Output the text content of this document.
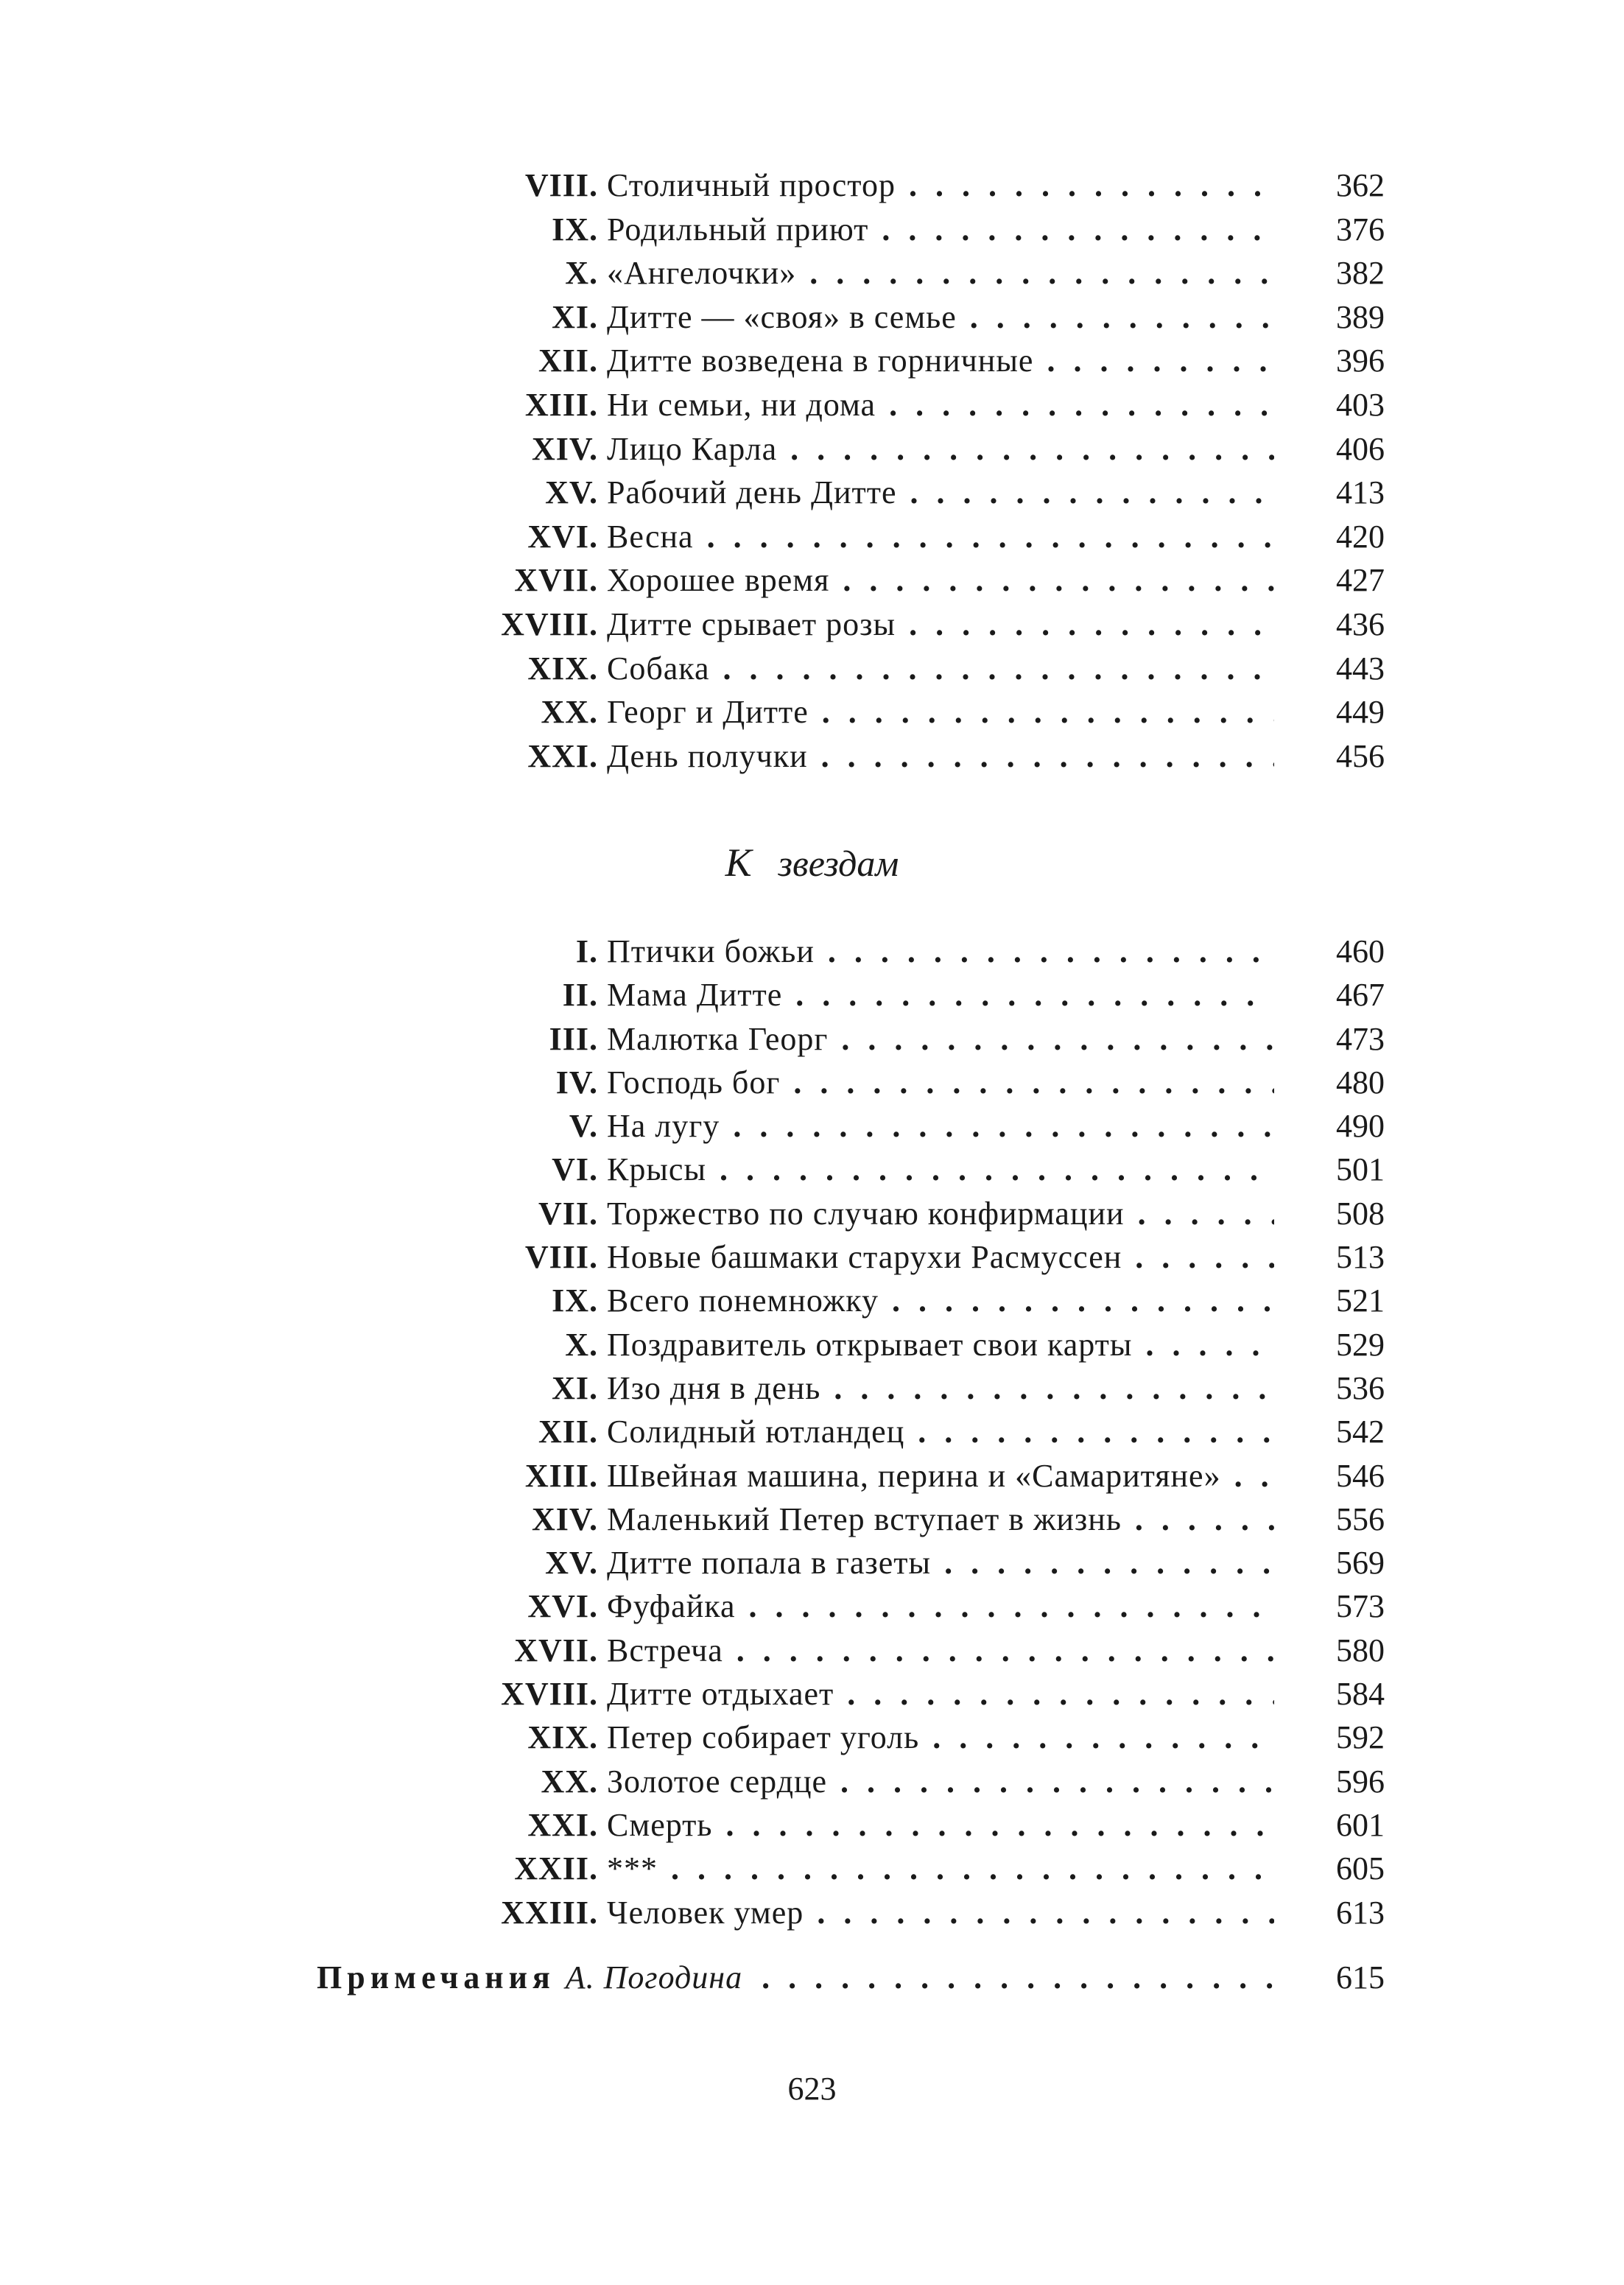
VIII. Столичный простор . . .	362
IX. Родильный приют . . .	376
X. «Ангелочки» . . .	382
XI. Дитте — «своя» в семье . . .	389
XII. Дитте возведена в горничные . . .	396
XIII. Ни семьи, ни дома . . .	403
XIV. Лицо Карла . . .	406
XV. Рабочий день Дитте . . .	413
XVI. Весна . . .	420
XVII. Хорошее время . . .	427
XVIII. Дитте срывает розы . . .	436
XIX. Собака . . .	443
XX. Георг и Дитте . . .	449
XXI. День получки . . .	456
К звездам
I. Птички божьи . . .	460
II. Мама Дитте . . .	467
III. Малютка Георг . . .	473
IV. Господь бог . . .	480
V. На лугу . . .	490
VI. Крысы . . .	501
VII. Торжество по случаю конфирмации . . .	508
VIII. Новые башмаки старухи Расмуссен . . .	513
IX. Всего понемножку . . .	521
X. Поздравитель открывает свои карты . . .	529
XI. Изо дня в день . . .	536
XII. Солидный ютландец . . .	542
XIII. Швейная машина, перина и «Самаритяне» . . .	546
XIV. Маленький Петер вступает в жизнь . . .	556
XV. Дитте попала в газеты . . .	569
XVI. Фуфайка . . .	573
XVII. Встреча . . .	580
XVIII. Дитте отдыхает . . .	584
XIX. Петер собирает уголь . . .	592
XX. Золотое сердце . . .	596
XXI. Смерть . . .	601
XXII. *** . . .	605
XXIII. Человек умер . . .	613
Примечания А. Погодина . . .	615
623
